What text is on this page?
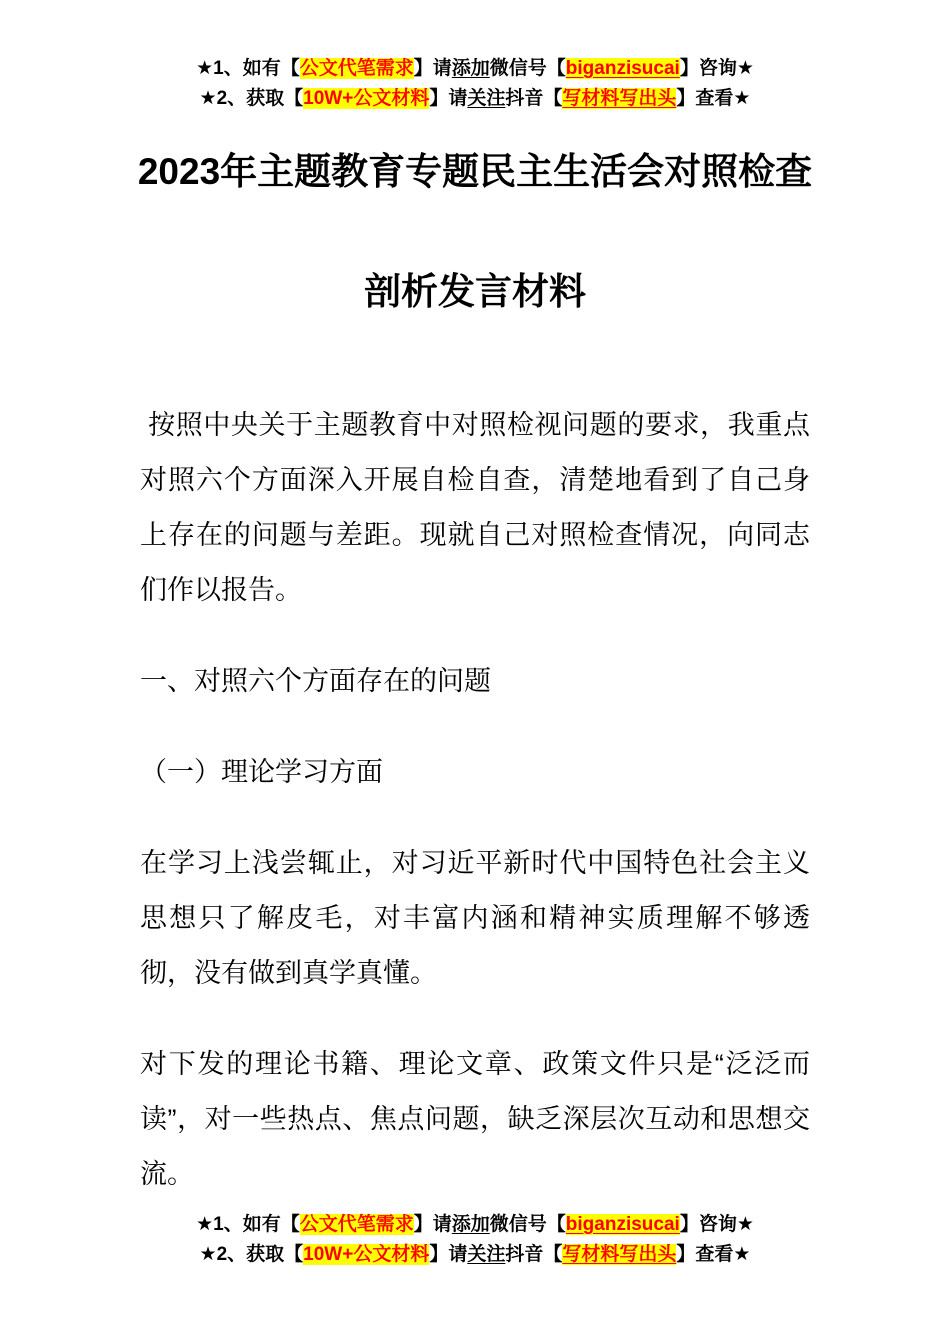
★1、如有【公文代笔需求】请添加微信号【biganzisucai】咨询★
★2、获取【10W+公文材料】请关注抖音【写材料写出头】查看★
2023年主题教育专题民主生活会对照检查
剖析发言材料

按照中央关于主题教育中对照检视问题的要求，我重点对照六个方面深入开展自检自查，清楚地看到了自己身上存在的问题与差距。现就自己对照检查情况，向同志们作以报告。

一、对照六个方面存在的问题

（一）理论学习方面

在学习上浅尝辄止，对习近平新时代中国特色社会主义思想只了解皮毛，对丰富内涵和精神实质理解不够透彻，没有做到真学真懂。

对下发的理论书籍、理论文章、政策文件只是“泛泛而读”，对一些热点、焦点问题，缺乏深层次互动和思想交流。

★1、如有【公文代笔需求】请添加微信号【biganzisucai】咨询★
★2、获取【10W+公文材料】请关注抖音【写材料写出头】查看★
